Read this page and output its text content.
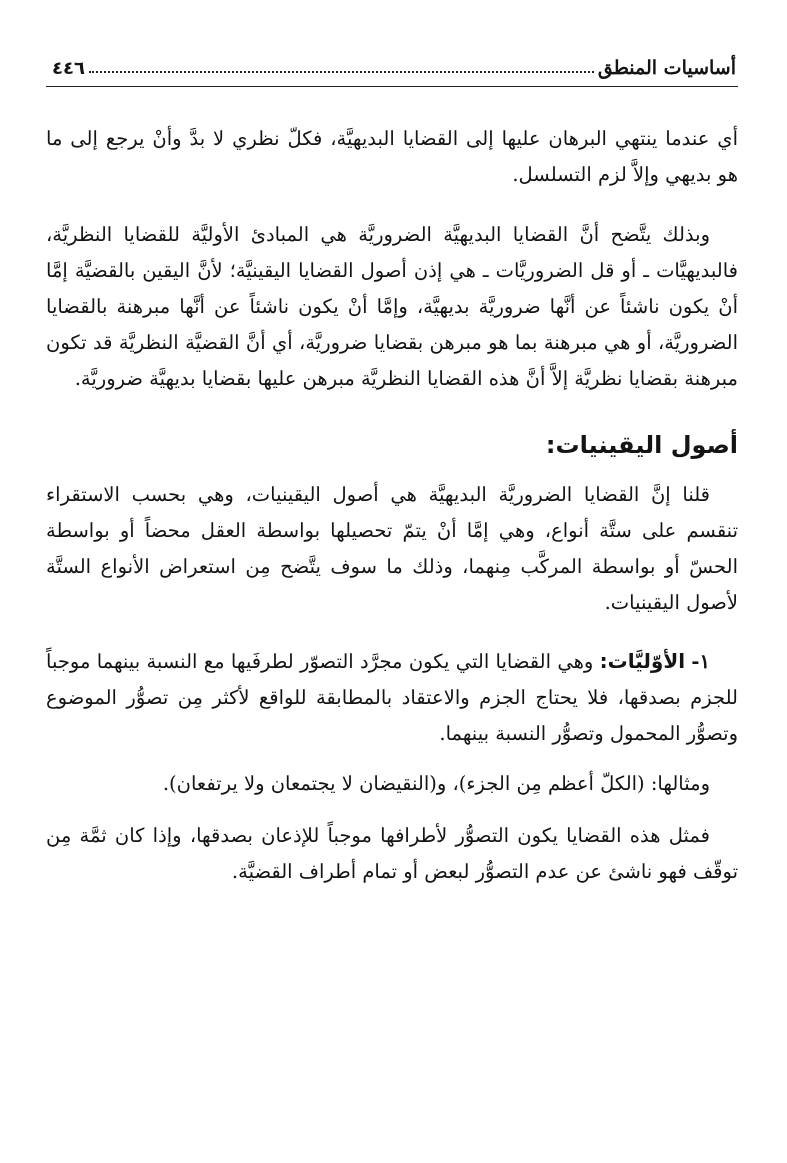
أساسيات المنطق
٤٤٦

أي عندما ينتهي البرهان عليها إلى القضايا البديهيَّة، فكلّ نظري لا بدَّ وأنْ يرجع إلى ما هو بديهي وإلاَّ لزم التسلسل.

وبذلك يتَّضح أنَّ القضايا البديهيَّة الضروريَّة هي المبادئ الأوليَّة للقضايا النظريَّة، فالبديهيَّات ـ أو قل الضروريَّات ـ هي إذن أصول القضايا اليقينيَّة؛ لأنَّ اليقين بالقضيَّة إمَّا أنْ يكون ناشئاً عن أنَّها ضروريَّة بديهيَّة، وإمَّا أنْ يكون ناشئاً عن أنَّها مبرهنة بالقضايا الضروريَّة، أو هي مبرهنة بما هو مبرهن بقضايا ضروريَّة، أي أنَّ القضيَّة النظريَّة قد تكون مبرهنة بقضايا نظريَّة إلاَّ أنَّ هذه القضايا النظريَّة مبرهن عليها بقضايا بديهيَّة ضروريَّة.

أصول اليقينيات:

قلنا إنَّ القضايا الضروريَّة البديهيَّة هي أصول اليقينيات، وهي بحسب الاستقراء تنقسم على ستَّة أنواع، وهي إمَّا أنْ يتمّ تحصيلها بواسطة العقل محضاً أو بواسطة الحسّ أو بواسطة المركَّب مِنهما، وذلك ما سوف يتَّضح مِن استعراض الأنواع الستَّة لأصول اليقينيات.

١- الأوّليَّات: وهي القضايا التي يكون مجرَّد التصوّر لطرفَيها مع النسبة بينهما موجباً للجزم بصدقها، فلا يحتاج الجزم والاعتقاد بالمطابقة للواقع لأكثر مِن تصوُّر الموضوع وتصوُّر المحمول وتصوُّر النسبة بينهما.

ومثالها: (الكلّ أعظم مِن الجزء)، و(النقيضان لا يجتمعان ولا يرتفعان).

فمثل هذه القضايا يكون التصوُّر لأطرافها موجباً للإذعان بصدقها، وإذا كان ثمَّة مِن توقّف فهو ناشئ عن عدم التصوُّر لبعض أو تمام أطراف القضيَّة.
